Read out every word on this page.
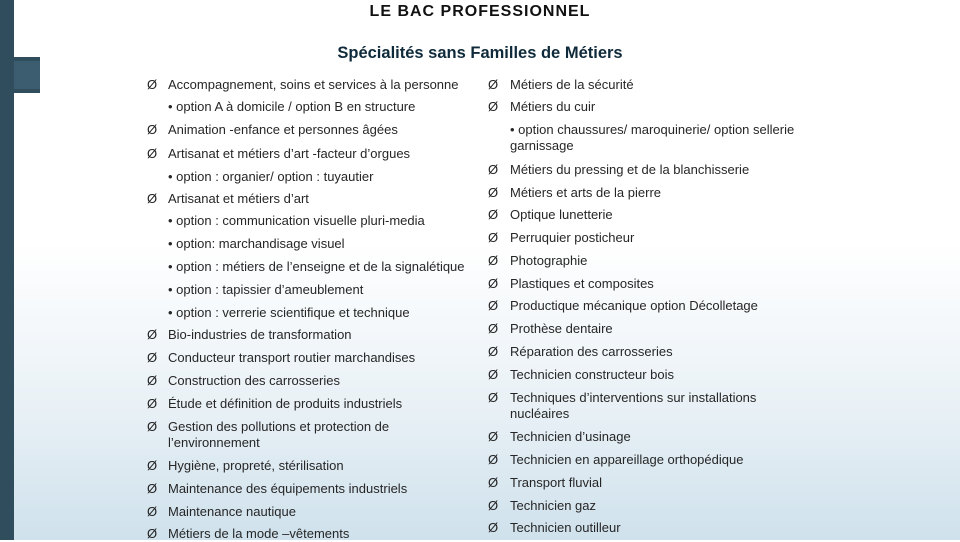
LE BAC PROFESSIONNEL
Spécialités sans Familles de Métiers
Ø Accompagnement, soins et services à la personne
• option A à domicile / option B en structure
Ø Animation -enfance et personnes âgées
Ø Artisanat et métiers d’art -facteur d’orgues
• option : organier/ option : tuyautier
Ø Artisanat et métiers d’art
• option : communication visuelle pluri-media
• option: marchandisage visuel
• option : métiers de l’enseigne et de la signalétique
• option : tapissier d’ameublement
• option : verrerie scientifique et technique
Ø Bio-industries de transformation
Ø Conducteur transport routier marchandises
Ø Construction des carrosseries
Ø Étude et définition de produits industriels
Ø Gestion des pollutions et protection de l’environnement
Ø Hygiène, propreté, stérilisation
Ø Maintenance des équipements industriels
Ø Maintenance nautique
Ø Métiers de la mode –vêtements
Ø Métiers de la sécurité
Ø Métiers du cuir
• option chaussures/ maroquinerie/ option sellerie garnissage
Ø Métiers du pressing et de la blanchisserie
Ø Métiers et arts de la pierre
Ø Optique lunetterie
Ø Perruquier posticheur
Ø Photographie
Ø Plastiques et composites
Ø Productique mécanique option Décolletage
Ø Prothèse dentaire
Ø Réparation des carrosseries
Ø Technicien constructeur bois
Ø Techniques d’interventions sur installations nucléaires
Ø Technicien d’usinage
Ø Technicien en appareillage orthopédique
Ø Transport fluvial
Ø Technicien gaz
Ø Technicien outilleur
